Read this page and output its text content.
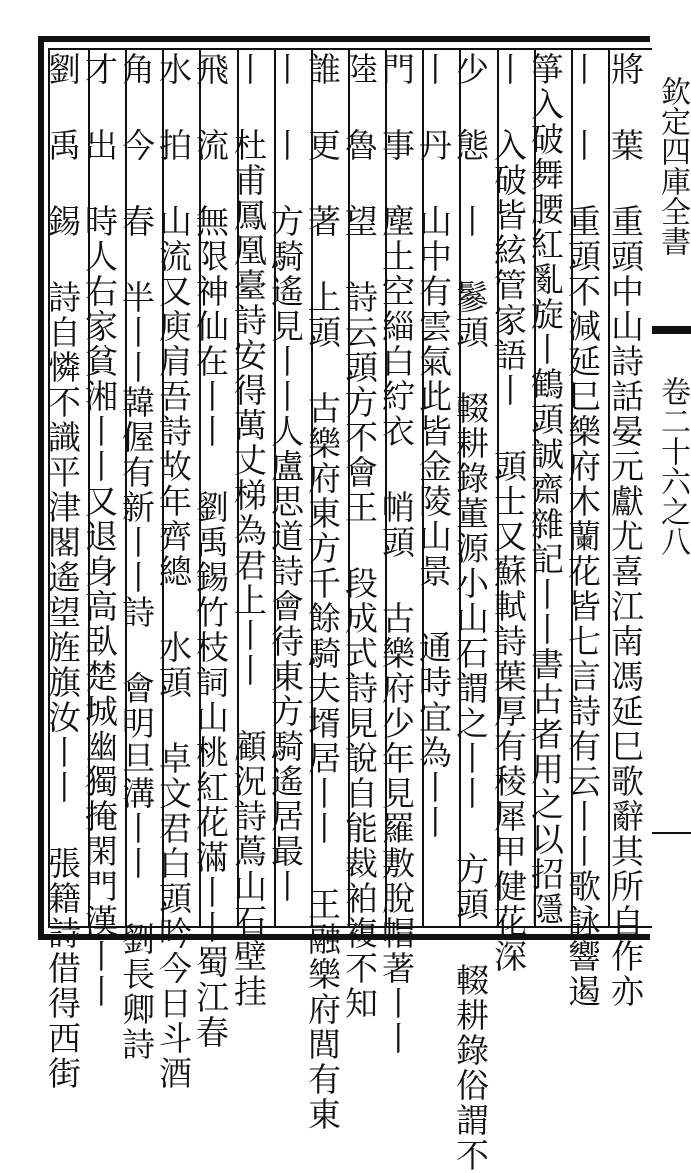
將 葉 重頭中山詩話晏元獻尤喜江南馮延巳歌辭其所自作亦
丨 丨 重頭不減延巳樂府木蘭花皆七言詩有云丨丨歌詠響遏
箏入破舞腰紅亂旋丨鶴頭誠齋雜記丨丨書古者用之以招隱
丨 入破皆絃管家語丨 頭士又蘇軾詩葉厚有稜犀甲健花深
少 態 丨 鬖頭 輟耕錄董源小山石謂之丨丨 方頭 輟耕錄俗謂不
丨 丹 山中有雲氣此皆金陵山景 通時宜為丨丨
門 事 塵土空緇白紵衣 帩頭 古樂府少年見羅敷脫帽著丨丨
陸 魯 望 詩云頭方不會王 段成式詩見說自能裁袙複不知
誰 更 著 上頭 古樂府東方千餘騎夫壻居丨丨 王融樂府閭有東
丨 丨 方騎遙見丨丨人盧思道詩會待東方騎遙居最丨
丨 杜甫鳳凰臺詩安得萬丈梯為君上丨丨 顧況詩蔦山石壁挂
飛 流 無限神仙在丨丨 劉禹錫竹枝詞山桃紅花滿丨丨蜀江春
水 拍 山流又庾肩吾詩故年齊總 水頭 卓文君白頭吟今日斗酒
角 今 春 半丨丨韓偓有新丨丨詩 會明旦溝丨丨 劉長卿詩
才 出 時人右家貧湘丨丨又退身高臥楚城幽獨掩閑門漢丨丨
劉 禹 錫 詩自憐不識平津閣遙望旌旗汝丨丨 張籍詩借得西街	欽定四庫全書
卷二十六之八
